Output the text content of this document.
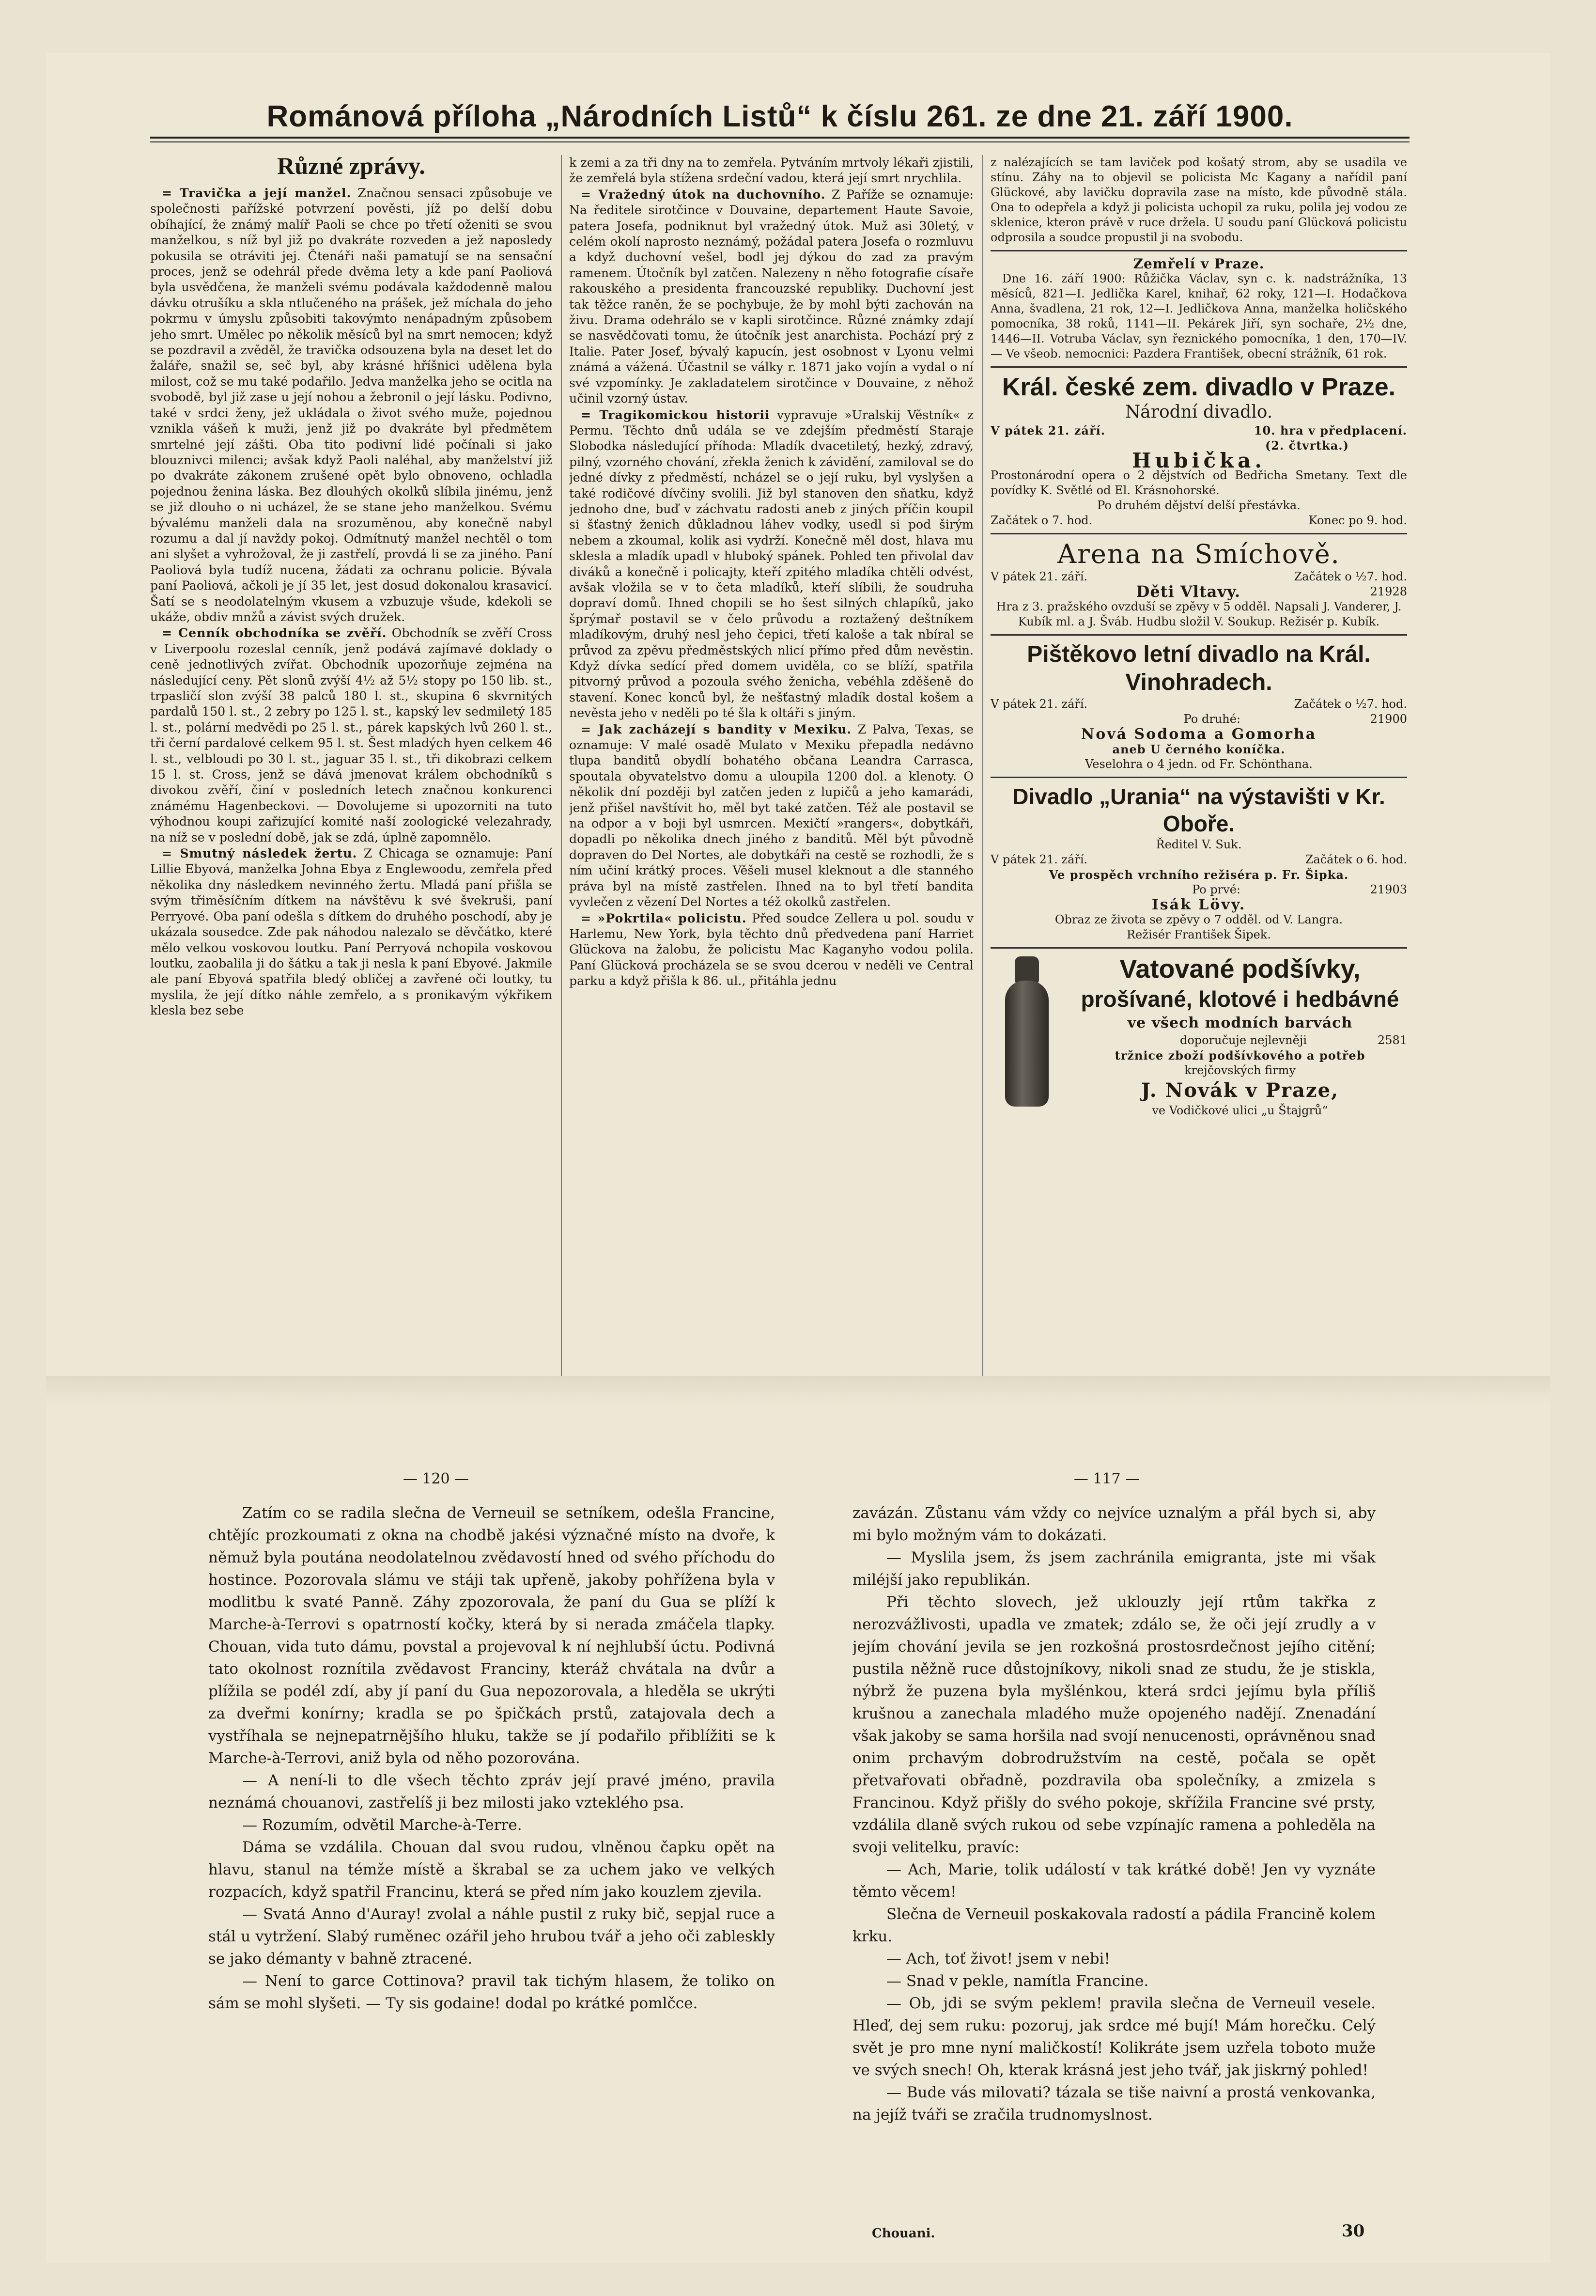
Románová příloha „Národních Listů“ k číslu 261. ze dne 21. září 1900.
Různé zprávy.

= Travička a její manžel. Značnou sensaci způsobuje ve společnosti pařížské potvrzení pověsti, jíž po delší dobu obíhající, že známý malíř Paoli se chce po třetí oženiti se svou manželkou, s níž byl již po dvakráte rozveden a jež naposledy pokusila se otráviti jej. Čtenáři naši pamatují se na sensační proces, jenž se odehrál přede dvěma lety a kde paní Paoliová byla usvědčena, že manželi svému podávala každodenně malou dávku otrušíku a skla ntlučeného na prášek, jež míchala do jeho pokrmu v úmyslu způsobiti takovýmto nenápadným způsobem jeho smrt. Umělec po několik měsíců byl na smrt nemocen; když se pozdravil a zvěděl, že travička odsouzena byla na deset let do žaláře, snažil se, seč byl, aby krásné hříšnici udělena byla milost, což se mu také podařilo. Jedva manželka jeho se ocitla na svobodě, byl již zase u její nohou a žebronil o její lásku. Podivno, také v srdci ženy, jež ukládala o život svého muže, pojednou vznikla vášeň k muži, jenž již po dvakráte byl předmětem smrtelné její zášti. Oba tito podivní lidé počínali si jako blouznivci milenci; avšak když Paoli naléhal, aby manželství již po dvakráte zákonem zrušené opět bylo obnoveno, ochladla pojednou ženina láska. Bez dlouhých okolků slíbila jinému, jenž se již dlouho o ni ucházel, že se stane jeho manželkou. Svému bývalému manželi dala na srozuměnou, aby konečně nabyl rozumu a dal jí navždy pokoj. Odmítnutý manžel nechtěl o tom ani slyšet a vyhrožoval, že ji zastřelí, provdá li se za jiného. Paní Paoliová byla tudíž nucena, žádati za ochranu policie. Bývala paní Paoliová, ačkoli je jí 35 let, jest dosud dokonalou krasavicí. Šatí se s neodolatelným vkusem a vzbuzuje všude, kdekoli se ukáže, obdiv mnžů a závist svých družek.

= Cenník obchodníka se zvěří. Obchodník se zvěří Cross v Liverpoolu rozeslal cenník, jenž podává zajímavé doklady o ceně jednotlivých zvířat. Obchodník upozorňuje zejména na následující ceny. Pět slonů zvýší 4½ až 5½ stopy po 150 lib. st., trpasličí slon zvýší 38 palců 180 l. st., skupina 6 skvrnitých pardalů 150 l. st., 2 zebry po 125 l. st., kapský lev sedmiletý 185 l. st., polární medvědi po 25 l. st., párek kapských lvů 260 l. st., tři černí pardalové celkem 95 l. st. Šest mladých hyen celkem 46 l. st., velbloudi po 30 l. st., jaguar 35 l. st., tři dikobrazi celkem 15 l. st. Cross, jenž se dává jmenovat králem obchodníků s divokou zvěří, činí v posledních letech značnou konkurenci známému Hagenbeckovi. — Dovolujeme si upozorniti na tuto výhodnou koupi zařizující komité naší zoologické velezahrady, na níž se v poslední době, jak se zdá, úplně zapomnělo.

= Smutný následek žertu. Z Chicaga se oznamuje: Paní Lillie Ebyová, manželka Johna Ebya z Englewoodu, zemřela před několika dny následkem nevinného žertu. Mladá paní přišla se svým třiměsíčním dítkem na návštěvu k své švekruši, paní Perryové. Oba paní odešla s dítkem do druhého poschodí, aby je ukázala sousedce. Zde pak náhodou nalezalo se děvčátko, které mělo velkou voskovou loutku. Paní Perryová nchopila voskovou loutku, zaobalila ji do šátku a tak ji nesla k paní Ebyové. Jakmile ale paní Ebyová spatřila bledý obličej a zavřené oči loutky, tu myslila, že její dítko náhle zemřelo, a s pronikavým výkřikem klesla bez sebe

k zemi a za tři dny na to zemřela. Pytváním mrtvoly lékaři zjistili, že zemřelá byla stížena srdeční vadou, která její smrt nrychlila.

= Vražedný útok na duchovního. Z Paříže se oznamuje: Na ředitele sirotčince v Douvaine, departement Haute Savoie, patera Josefa, podniknut byl vražedný útok. Muž asi 30letý, v celém okolí naprosto neznámý, požádal patera Josefa o rozmluvu a když duchovní vešel, bodl jej dýkou do zad za pravým ramenem. Útočník byl zatčen. Nalezeny n něho fotografie císaře rakouského a presidenta francouzské republiky. Duchovní jest tak těžce raněn, že se pochybuje, že by mohl býti zachován na živu. Drama odehrálo se v kapli sirotčince. Různé známky zdají se nasvědčovati tomu, že útočník jest anarchista. Pochází prý z Italie. Pater Josef, bývalý kapucín, jest osobnost v Lyonu velmi známá a vážená. Účastnil se války r. 1871 jako vojín a vydal o ní své vzpomínky. Je zakladatelem sirotčince v Douvaine, z něhož učinil vzorný ústav.

= Tragikomickou historii vypravuje »Uralskij Věstník« z Permu. Těchto dnů udála se ve zdejším předměstí Staraje Slobodka následující příhoda: Mladík dvacetiletý, hezký, zdravý, pilný, vzorného chování, zřekla ženich k závidění, zamiloval se do jedné dívky z předměstí, ncházel se o její ruku, byl vyslyšen a také rodičové dívčiny svolili. Již byl stanoven den sňatku, když jednoho dne, buď v záchvatu radosti aneb z jiných příčin koupil si šťastný ženich důkladnou láhev vodky, usedl si pod širým nebem a zkoumal, kolik asi vydrží. Konečně měl dost, hlava mu sklesla a mladík upadl v hluboký spánek. Pohled ten přivolal dav diváků a konečně i policajty, kteří zpitého mladíka chtěli odvést, avšak vložila se v to četa mladíků, kteří slíbili, že soudruha dopraví domů. Ihned chopili se ho šest silných chlapíků, jako šprýmař postavil se v čelo průvodu a roztažený deštníkem mladíkovým, druhý nesl jeho čepici, třetí kaloše a tak nbíral se průvod za zpěvu předměstských nlicí přímo před dům nevěstin. Když dívka sedící před domem uviděla, co se blíží, spatřila pitvorný průvod a pozoula svého ženicha, vebéhla zděšeně do stavení. Konec konců byl, že nešťastný mladík dostal košem a nevěsta jeho v neděli po té šla k oltáři s jiným.

= Jak zacházejí s bandity v Mexiku. Z Palva, Texas, se oznamuje: V malé osadě Mulato v Mexiku přepadla nedávno tlupa banditů obydlí bohatého občana Leandra Carrasca, spoutala obyvatelstvo domu a uloupila 1200 dol. a klenoty. O několik dní později byl zatčen jeden z lupičů a jeho kamarádi, jenž přišel navštívit ho, měl byt také zatčen. Též ale postavil se na odpor a v boji byl usmrcen. Mexičtí »rangers«, dobytkáři, dopadli po několika dnech jiného z banditů. Měl být původně dopraven do Del Nortes, ale dobytkáři na cestě se rozhodli, že s ním učiní krátký proces. Věšeli musel kleknout a dle stanného práva byl na místě zastřelen. Ihned na to byl třetí bandita vyvlečen z vězení Del Nortes a též okolků zastřelen.

= »Pokrtila« policistu. Před soudce Zellera u pol. soudu v Harlemu, New York, byla těchto dnů předvedena paní Harriet Glückova na žalobu, že policistu Mac Kaganyho vodou polila. Paní Glücková procházela se se svou dcerou v neděli ve Central parku a když přišla k 86. ul., přitáhla jednu

z nalézajících se tam laviček pod košatý strom, aby se usadila ve stínu. Záhy na to objevil se policista Mc Kagany a nařídil paní Glückové, aby lavičku dopravila zase na místo, kde původně stála. Ona to odepřela a když ji policista uchopil za ruku, polila jej vodou ze sklenice, kteron právě v ruce držela. U soudu paní Glücková policistu odprosila a soudce propustil ji na svobodu.

Zemřelí v Praze.

Dne 16. září 1900: Růžička Václav, syn c. k. nadstrážníka, 13 měsíců, 821—I. Jedlička Karel, knihař, 62 roky, 121—I. Hodačkova Anna, švadlena, 21 rok, 12—I. Jedličkova Anna, manželka holičského pomocníka, 38 roků, 1141—II. Pekárek Jiří, syn sochaře, 2½ dne, 1446—II. Votruba Václav, syn řeznického pomocníka, 1 den, 170—IV. — Ve všeob. nemocnici: Pazdera František, obecní strážník, 61 rok.

Král. české zem. divadlo v Praze.
Národní divadlo.
V pátek 21. září.	10. hra v předplacení.
(2. čtvrtka.)
Hubička.
Prostonárodní opera o 2 dějstvích od Bedřicha Smetany. Text dle povídky K. Světlé od El. Krásnohorské.
Po druhém dějství delší přestávka.
Začátek o 7. hod.	Konec po 9. hod.
Arena na Smíchově.
V pátek 21. září.	Začátek o ½7. hod.
Děti Vltavy.	21928
Hra z 3. pražského ovzduší se zpěvy v 5 odděl. Napsali J. Vanderer, J. Kubík ml. a J. Šváb. Hudbu složil V. Soukup. Režisér p. Kubík.
Pištěkovo letní divadlo na Král. Vinohradech.
V pátek 21. září.	Začátek o ½7. hod.
Po druhé:	21900
Nová Sodoma a Gomorha
aneb U černého koníčka.
Veselohra o 4 jedn. od Fr. Schönthana.
Divadlo „Urania“ na výstavišti v Kr. Oboře.
Ředitel V. Suk.
V pátek 21. září.	Začátek o 6. hod.
Ve prospěch vrchního režiséra p. Fr. Šipka.
Po prvé:	21903
Isák Lövy.
Obraz ze života se zpěvy o 7 odděl. od V. Langra.
Režisér František Šipek.
Vatované podšívky,
prošívané, klotové i hedbávné
ve všech modních barvách
doporučuje nejlevněji	2581
tržnice zboží podšívkového a potřeb
krejčovských firmy
J. Novák v Praze,
ve Vodičkové ulici „u Štajgrů“
— 120 —	— 117 —

Zatím co se radila slečna de Verneuil se setníkem, odešla Francine, chtějíc prozkoumati z okna na chodbě jakési význačné místo na dvoře, k němuž byla poutána neodolatelnou zvědavostí hned od svého příchodu do hostince. Pozorovala slámu ve stáji tak upřeně, jakoby pohřížena byla v modlitbu k svaté Panně. Záhy zpozorovala, že paní du Gua se plíží k Marche-à-Terrovi s opatrností kočky, která by si nerada zmáčela tlapky. Chouan, vida tuto dámu, povstal a projevoval k ní nejhlubší úctu. Podivná tato okolnost roznítila zvědavost Franciny, kteráž chvátala na dvůr a plížila se podél zdí, aby jí paní du Gua nepozorovala, a hleděla se ukrýti za dveřmi konírny; kradla se po špičkách prstů, zatajovala dech a vystříhala se nejnepatrnějšího hluku, takže se jí podařilo přiblížiti se k Marche-à-Terrovi, aniž byla od něho pozorována.

— A není-li to dle všech těchto zpráv její pravé jméno, pravila neznámá chouanovi, zastřelíš ji bez milosti jako vzteklého psa.

— Rozumím, odvětil Marche-à-Terre.

Dáma se vzdálila. Chouan dal svou rudou, vlněnou čapku opět na hlavu, stanul na témže místě a škrabal se za uchem jako ve velkých rozpacích, když spatřil Francinu, která se před ním jako kouzlem zjevila.

— Svatá Anno d'Auray! zvolal a náhle pustil z ruky bič, sepjal ruce a stál u vytržení. Slabý ruměnec ozářil jeho hrubou tvář a jeho oči zableskly se jako démanty v bahně ztracené.

— Není to garce Cottinova? pravil tak tichým hlasem, že toliko on sám se mohl slyšeti. — Ty sis godaine! dodal po krátké pomlčce.

zavázán. Zůstanu vám vždy co nejvíce uznalým a přál bych si, aby mi bylo možným vám to dokázati.

— Myslila jsem, žs jsem zachránila emigranta, jste mi však miléjší jako republikán.

Při těchto slovech, jež uklouzly její rtům takřka z nerozvážlivosti, upadla ve zmatek; zdálo se, že oči její zrudly a v jejím chování jevila se jen rozkošná prostosrdečnost jejího citění; pustila něžně ruce důstojníkovy, nikoli snad ze studu, že je stiskla, nýbrž že puzena byla myšlénkou, která srdci jejímu byla příliš krušnou a zanechala mladého muže opojeného nadějí. Znenadání však jakoby se sama horšila nad svojí nenucenosti, oprávněnou snad onim prchavým dobrodružstvím na cestě, počala se opět přetvařovati obřadně, pozdravila oba společníky, a zmizela s Francinou. Když přišly do svého pokoje, skřížila Francine své prsty, vzdálila dlaně svých rukou od sebe vzpínajíc ramena a pohleděla na svoji velitelku, pravíc:

— Ach, Marie, tolik událostí v tak krátké době! Jen vy vyznáte těmto věcem!

Slečna de Verneuil poskakovala radostí a pádila Francině kolem krku.

— Ach, toť život! jsem v nebi!

— Snad v pekle, namítla Francine.

— Ob, jdi se svým peklem! pravila slečna de Verneuil vesele. Hleď, dej sem ruku: pozoruj, jak srdce mé bují! Mám horečku. Celý svět je pro mne nyní maličkostí! Kolikráte jsem uzřela toboto muže ve svých snech! Oh, kterak krásná jest jeho tvář, jak jiskrný pohled!

— Bude vás milovati? tázala se tiše naivní a prostá venkovanka, na jejíž tváři se zračila trudnomyslnost.

Chouani.	30
